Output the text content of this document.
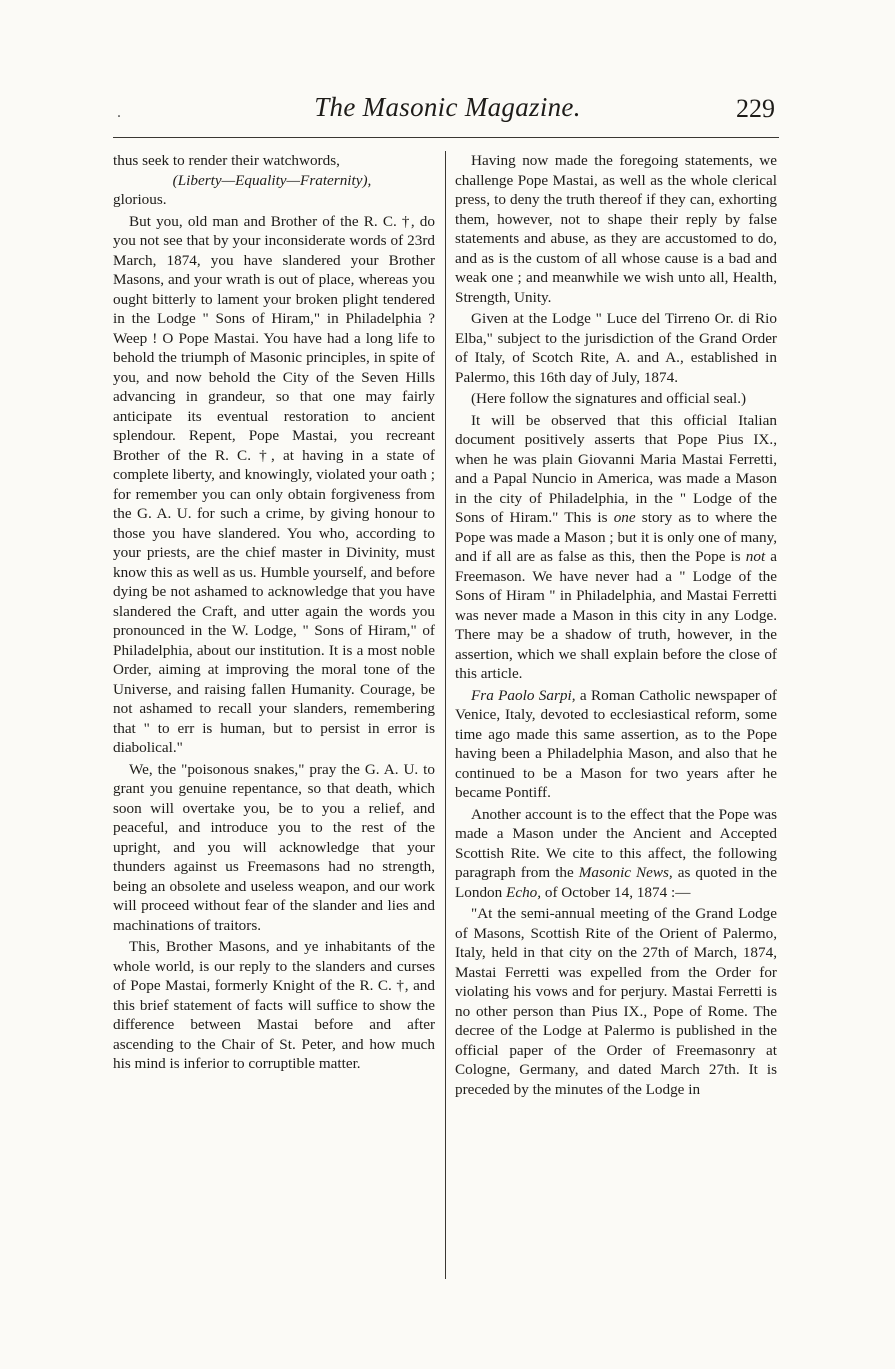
.	The Masonic Magazine.	229

thus seek to render their watchwords,
(Liberty—Equality—Fraternity),
glorious.

But you, old man and Brother of the R. C. †, do you not see that by your inconsiderate words of 23rd March, 1874, you have slandered your Brother Masons, and your wrath is out of place, whereas you ought bitterly to lament your broken plight tendered in the Lodge " Sons of Hiram," in Philadelphia ? Weep ! O Pope Mastai. You have had a long life to behold the triumph of Masonic principles, in spite of you, and now behold the City of the Seven Hills advancing in grandeur, so that one may fairly anticipate its eventual restoration to ancient splendour. Repent, Pope Mastai, you recreant Brother of the R. C. †, at having in a state of complete liberty, and knowingly, violated your oath ; for remember you can only obtain forgiveness from the G. A. U. for such a crime, by giving honour to those you have slandered. You who, according to your priests, are the chief master in Divinity, must know this as well as us. Humble yourself, and before dying be not ashamed to acknowledge that you have slandered the Craft, and utter again the words you pronounced in the W. Lodge, " Sons of Hiram," of Philadelphia, about our institution. It is a most noble Order, aiming at improving the moral tone of the Universe, and raising fallen Humanity. Courage, be not ashamed to recall your slanders, remembering that " to err is human, but to persist in error is diabolical."

We, the "poisonous snakes," pray the G. A. U. to grant you genuine repentance, so that death, which soon will overtake you, be to you a relief, and peaceful, and introduce you to the rest of the upright, and you will acknowledge that your thunders against us Freemasons had no strength, being an obsolete and useless weapon, and our work will proceed without fear of the slander and lies and machinations of traitors.

This, Brother Masons, and ye inhabitants of the whole world, is our reply to the slanders and curses of Pope Mastai, formerly Knight of the R. C. †, and this brief statement of facts will suffice to show the difference between Mastai before and after ascending to the Chair of St. Peter, and how much his mind is inferior to corruptible matter.

Having now made the foregoing statements, we challenge Pope Mastai, as well as the whole clerical press, to deny the truth thereof if they can, exhorting them, however, not to shape their reply by false statements and abuse, as they are accustomed to do, and as is the custom of all whose cause is a bad and weak one ; and meanwhile we wish unto all, Health, Strength, Unity.

Given at the Lodge " Luce del Tirreno Or. di Rio Elba," subject to the jurisdiction of the Grand Order of Italy, of Scotch Rite, A. and A., established in Palermo, this 16th day of July, 1874.

(Here follow the signatures and official seal.)

It will be observed that this official Italian document positively asserts that Pope Pius IX., when he was plain Giovanni Maria Mastai Ferretti, and a Papal Nuncio in America, was made a Mason in the city of Philadelphia, in the " Lodge of the Sons of Hiram." This is one story as to where the Pope was made a Mason ; but it is only one of many, and if all are as false as this, then the Pope is not a Freemason. We have never had a " Lodge of the Sons of Hiram " in Philadelphia, and Mastai Ferretti was never made a Mason in this city in any Lodge. There may be a shadow of truth, however, in the assertion, which we shall explain before the close of this article.

Fra Paolo Sarpi, a Roman Catholic newspaper of Venice, Italy, devoted to ecclesiastical reform, some time ago made this same assertion, as to the Pope having been a Philadelphia Mason, and also that he continued to be a Mason for two years after he became Pontiff.

Another account is to the effect that the Pope was made a Mason under the Ancient and Accepted Scottish Rite. We cite to this affect, the following paragraph from the Masonic News, as quoted in the London Echo, of October 14, 1874 :—

"At the semi-annual meeting of the Grand Lodge of Masons, Scottish Rite of the Orient of Palermo, Italy, held in that city on the 27th of March, 1874, Mastai Ferretti was expelled from the Order for violating his vows and for perjury. Mastai Ferretti is no other person than Pius IX., Pope of Rome. The decree of the Lodge at Palermo is published in the official paper of the Order of Freemasonry at Cologne, Germany, and dated March 27th. It is preceded by the minutes of the Lodge in
